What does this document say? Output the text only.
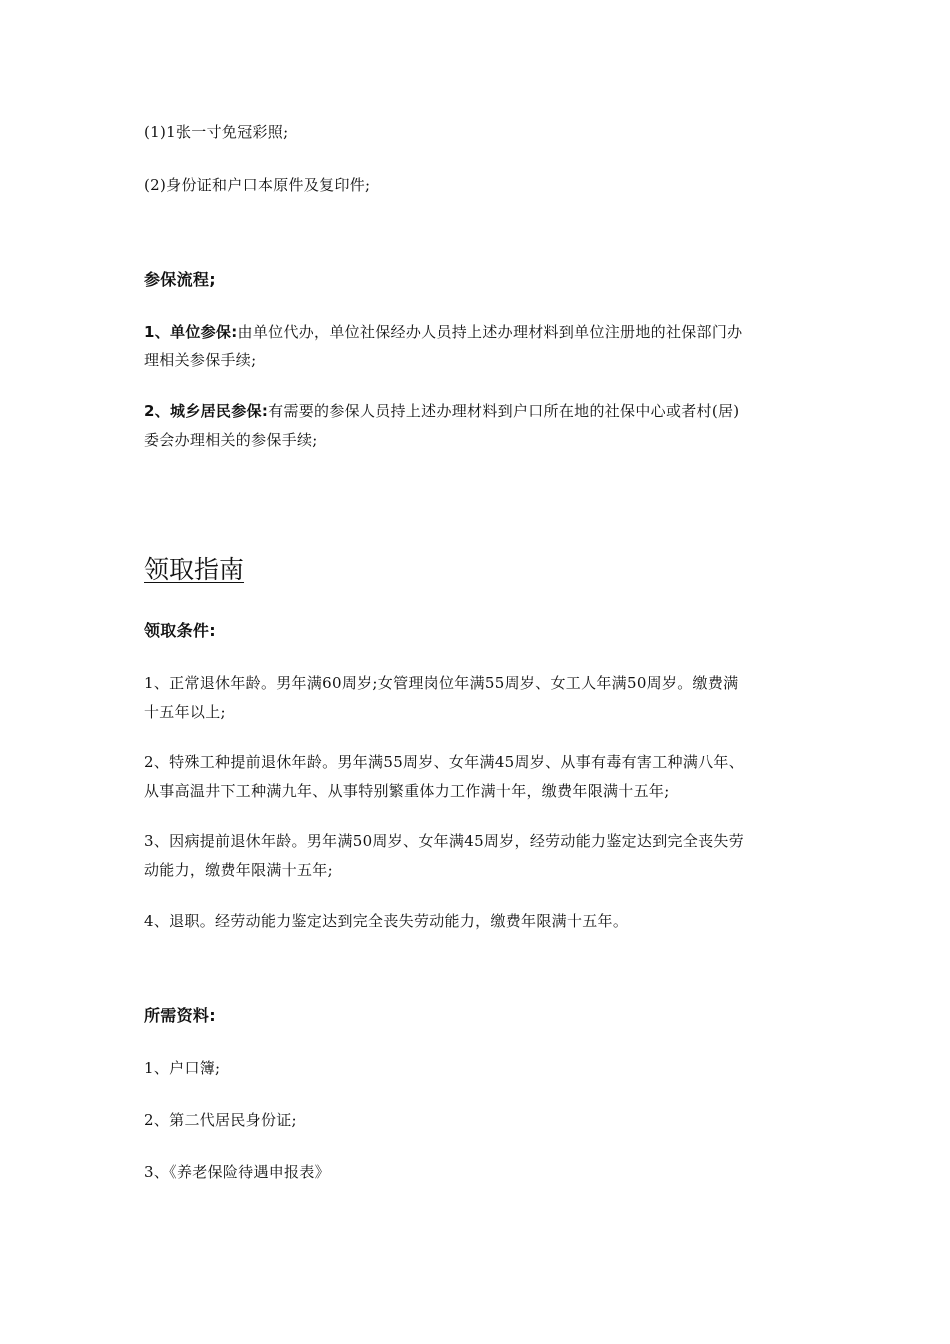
(1)1张一寸免冠彩照;
(2)身份证和户口本原件及复印件;
参保流程;
1、单位参保:由单位代办，单位社保经办人员持上述办理材料到单位注册地的社保部门办
理相关参保手续;
2、城乡居民参保:有需要的参保人员持上述办理材料到户口所在地的社保中心或者村(居)
委会办理相关的参保手续;
领取指南
领取条件:
1、正常退休年龄。男年满60周岁;女管理岗位年满55周岁、女工人年满50周岁。缴费满
十五年以上;
2、特殊工种提前退休年龄。男年满55周岁、女年满45周岁、从事有毒有害工种满八年、
从事高温井下工种满九年、从事特别繁重体力工作满十年，缴费年限满十五年;
3、因病提前退休年龄。男年满50周岁、女年满45周岁，经劳动能力鉴定达到完全丧失劳
动能力，缴费年限满十五年;
4、退职。经劳动能力鉴定达到完全丧失劳动能力，缴费年限满十五年。
所需资料:
1、户口簿;
2、第二代居民身份证;
3、《养老保险待遇申报表》
